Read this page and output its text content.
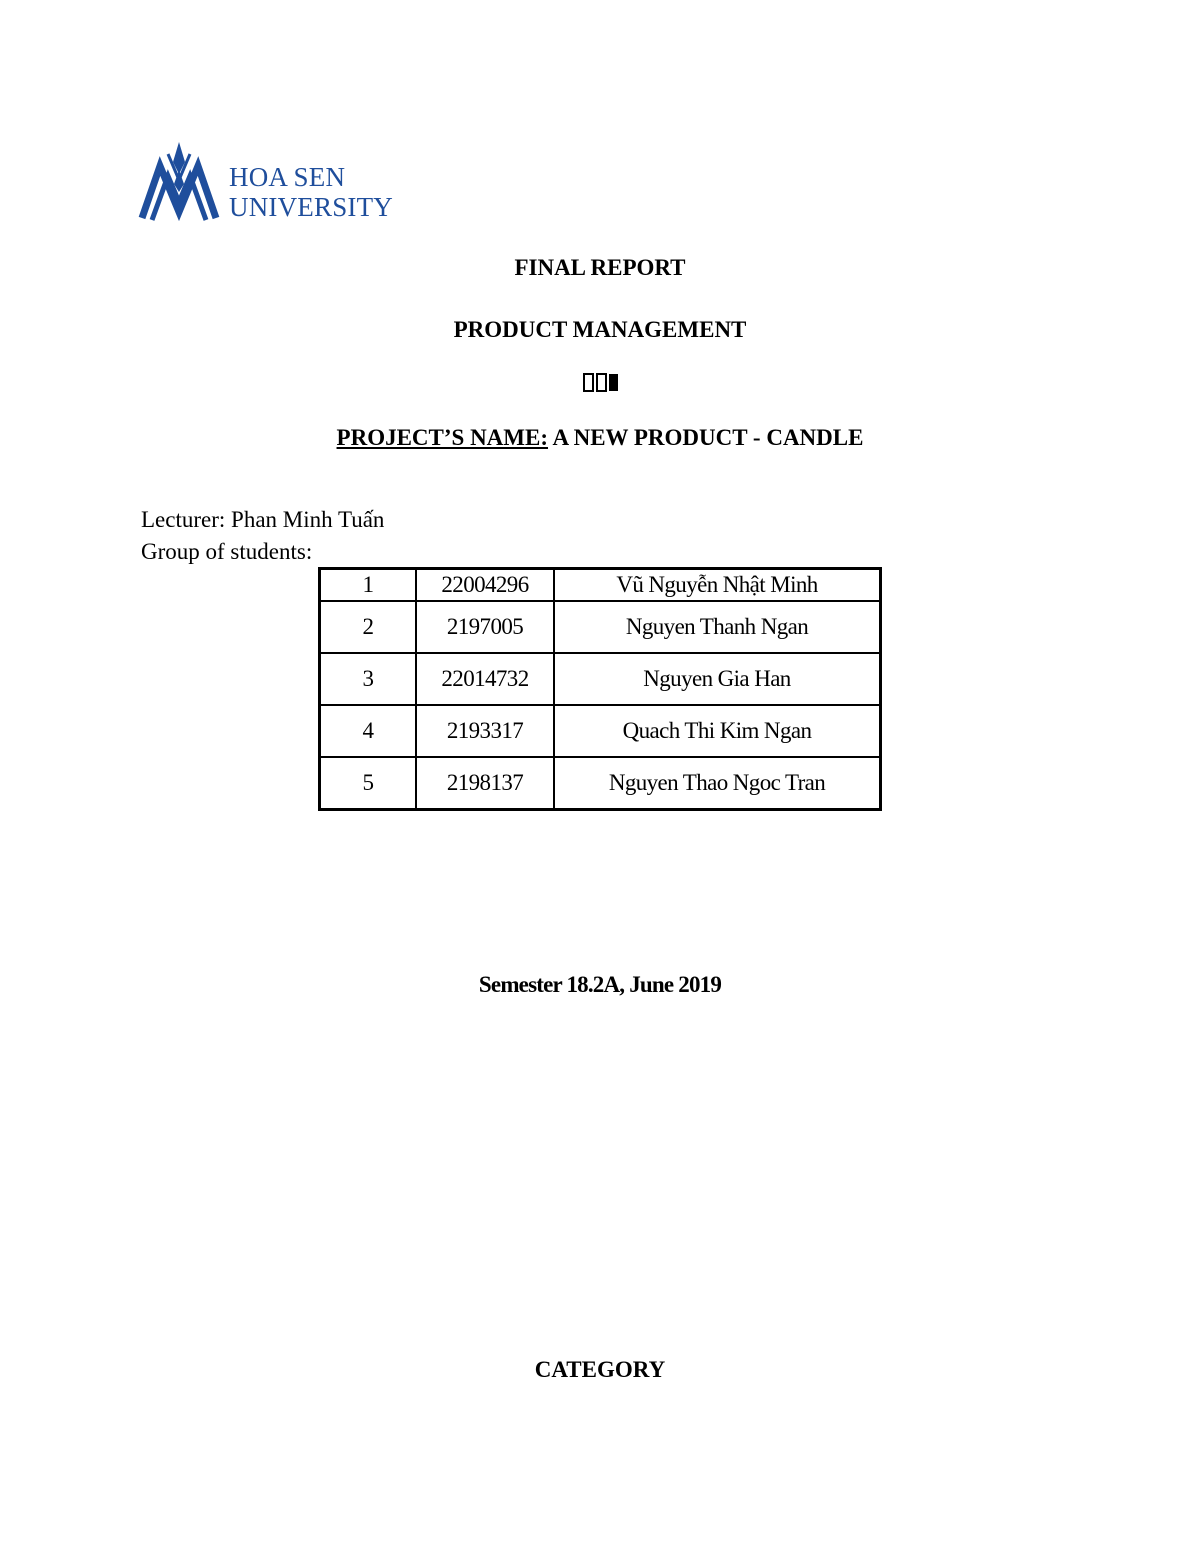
HOA SEN
UNIVERSITY

FINAL REPORT

PRODUCT MANAGEMENT

PROJECT’S NAME: A NEW PRODUCT - CANDLE

Lecturer: Phan Minh Tuấn
Group of students:
1	22004296	Vũ Nguyễn Nhật Minh
2	2197005	Nguyen Thanh Ngan
3	22014732	Nguyen Gia Han
4	2193317	Quach Thi Kim Ngan
5	2198137	Nguyen Thao Ngoc Tran

Semester 18.2A, June 2019

CATEGORY
